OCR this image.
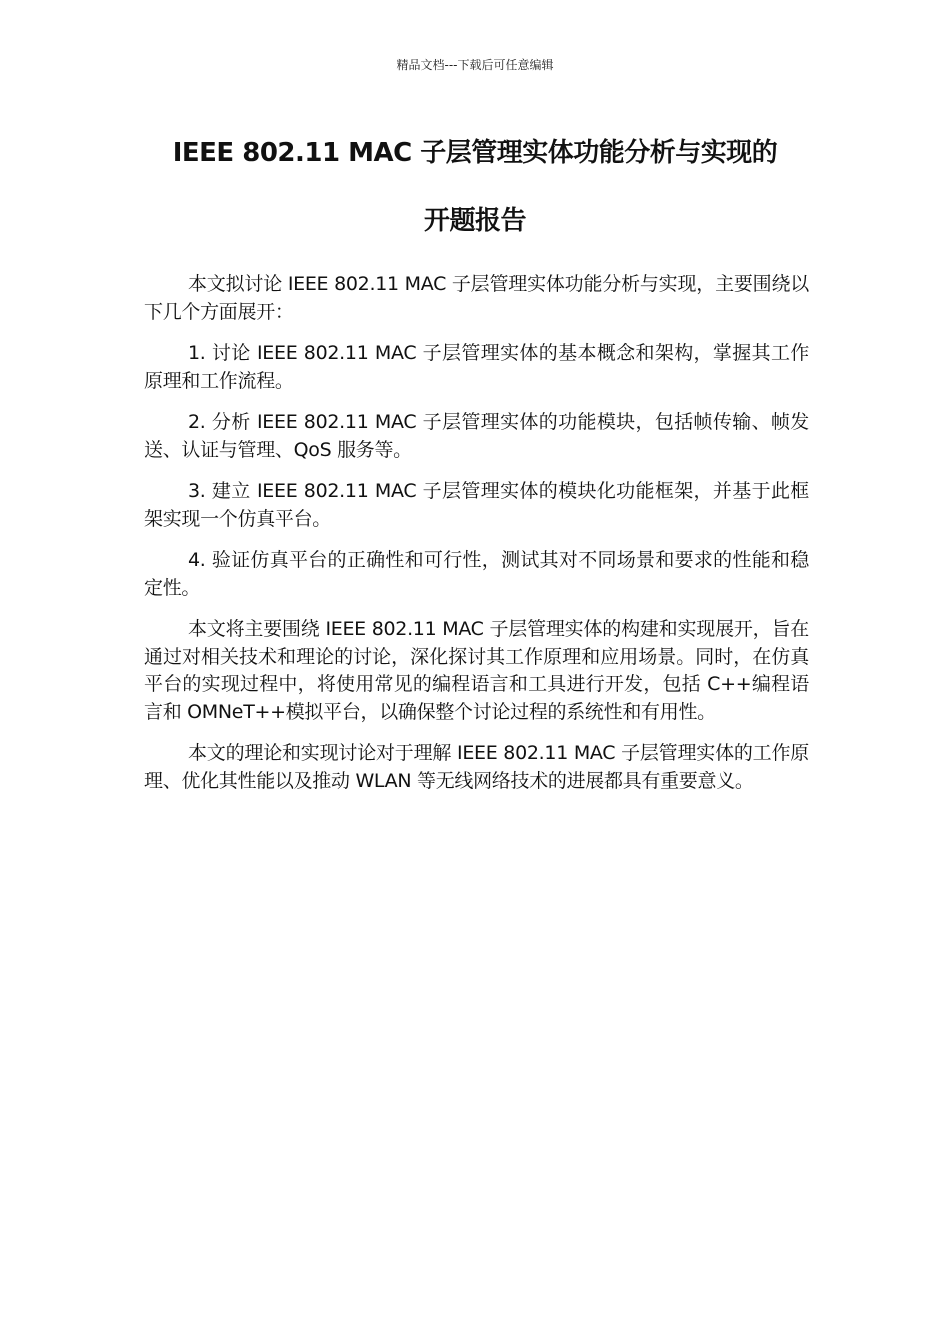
精品文档---下载后可任意编辑
IEEE 802.11 MAC 子层管理实体功能分析与实现的
开题报告

本文拟讨论 IEEE 802.11 MAC 子层管理实体功能分析与实现，主要围绕以下几个方面展开：

1. 讨论 IEEE 802.11 MAC 子层管理实体的基本概念和架构，掌握其工作原理和工作流程。

2. 分析 IEEE 802.11 MAC 子层管理实体的功能模块，包括帧传输、帧发送、认证与管理、QoS 服务等。

3. 建立 IEEE 802.11 MAC 子层管理实体的模块化功能框架，并基于此框架实现一个仿真平台。

4. 验证仿真平台的正确性和可行性，测试其对不同场景和要求的性能和稳定性。

本文将主要围绕 IEEE 802.11 MAC 子层管理实体的构建和实现展开，旨在通过对相关技术和理论的讨论，深化探讨其工作原理和应用场景。同时，在仿真平台的实现过程中，将使用常见的编程语言和工具进行开发，包括 C++编程语言和 OMNeT++模拟平台，以确保整个讨论过程的系统性和有用性。

本文的理论和实现讨论对于理解 IEEE 802.11 MAC 子层管理实体的工作原理、优化其性能以及推动 WLAN 等无线网络技术的进展都具有重要意义。
